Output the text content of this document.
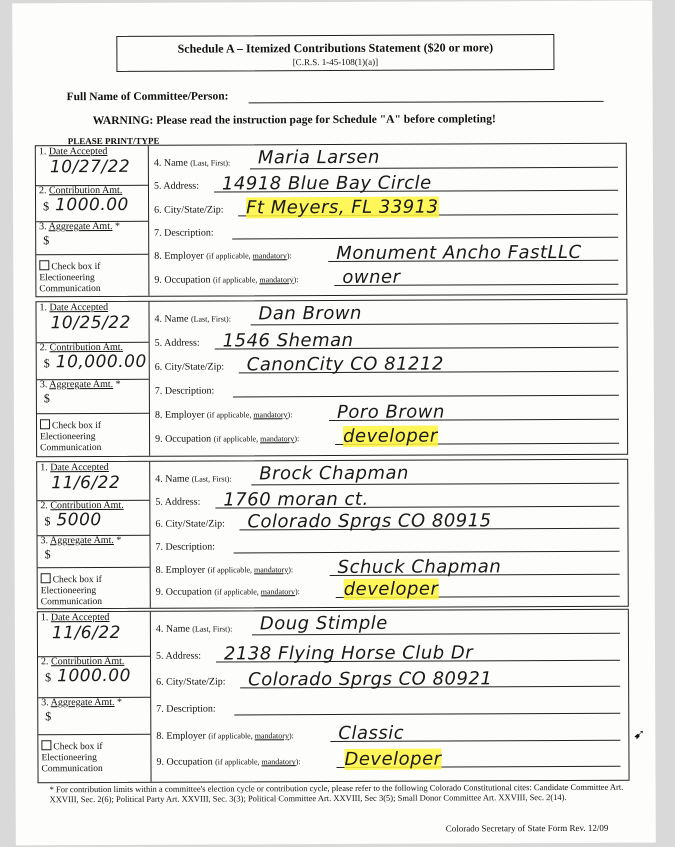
Schedule A – Itemized Contributions Statement ($20 or more)
[C.R.S. 1-45-108(1)(a)]
Full Name of Committee/Person:
WARNING: Please read the instruction page for Schedule "A" before completing!
PLEASE PRINT/TYPE
1. Date Accepted
10/27/22
2. Contribution Amt.
$ 1000.00
3. Aggregate Amt. *
$
Check box if
Electioneering
Communication
4. Name (Last, First): Maria Larsen
5. Address: 14918 Blue Bay Circle
6. City/State/Zip: Ft Meyers, FL 33913
7. Description:
8. Employer (if applicable, mandatory): Monument Ancho FastLLC
9. Occupation (if applicable, mandatory): owner
1. Date Accepted
10/25/22
2. Contribution Amt.
$ 10,000.00
3. Aggregate Amt. *
$
Check box if
Electioneering
Communication
4. Name (Last, First): Dan Brown
5. Address: 1546 Sheman
6. City/State/Zip: CanonCity CO 81212
7. Description:
8. Employer (if applicable, mandatory): Poro Brown
9. Occupation (if applicable, mandatory): developer
1. Date Accepted
11/6/22
2. Contribution Amt.
$ 5000
3. Aggregate Amt. *
$
Check box if
Electioneering
Communication
4. Name (Last, First): Brock Chapman
5. Address: 1760 moran ct.
6. City/State/Zip: Colorado Sprgs CO 80915
7. Description:
8. Employer (if applicable, mandatory): Schuck Chapman
9. Occupation (if applicable, mandatory): developer
1. Date Accepted
11/6/22
2. Contribution Amt.
$ 1000.00
3. Aggregate Amt. *
$
Check box if
Electioneering
Communication
4. Name (Last, First): Doug Stimple
5. Address: 2138 Flying Horse Club Dr
6. City/State/Zip: Colorado Sprgs CO 80921
7. Description:
8. Employer (if applicable, mandatory): Classic
9. Occupation (if applicable, mandatory): Developer
* For contribution limits within a committee's election cycle or contribution cycle, please refer to the following Colorado Constitutional cites: Candidate Committee Art. XXVIII, Sec. 2(6); Political Party Art. XXVIII, Sec. 3(3); Political Committee Art. XXVIII, Sec 3(5); Small Donor Committee Art. XXVIII, Sec. 2(14).
Colorado Secretary of State Form Rev. 12/09
➹
